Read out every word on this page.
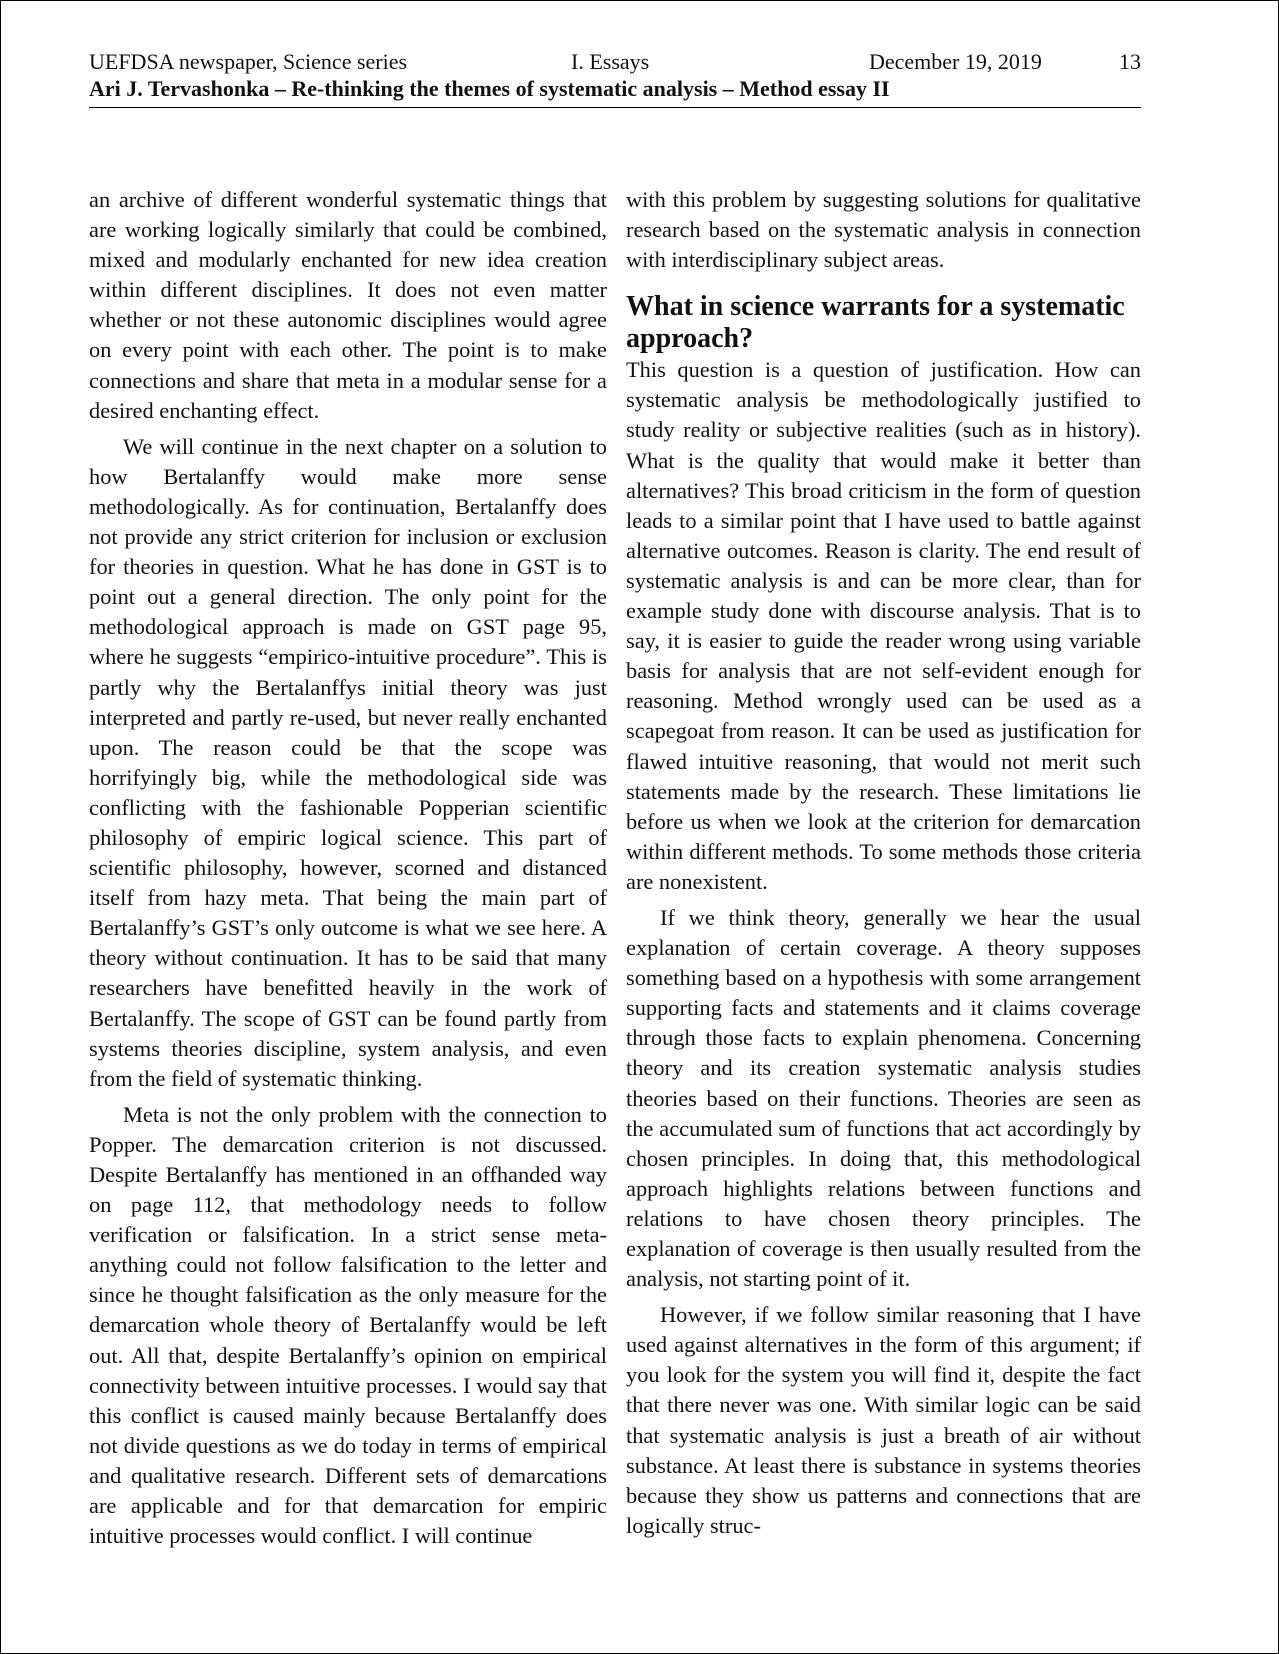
UEFDSA newspaper, Science series	I. Essays	December 19, 2019	13
Ari J. Tervashonka – Re-thinking the themes of systematic analysis – Method essay II

an archive of different wonderful systematic things that are working logically similarly that could be combined, mixed and modularly enchanted for new idea creation within different disciplines. It does not even matter whether or not these autonomic disciplines would agree on every point with each other. The point is to make connections and share that meta in a modular sense for a desired enchanting effect.

We will continue in the next chapter on a solution to how Bertalanffy would make more sense methodologically. As for continuation, Bertalanffy does not provide any strict criterion for inclusion or exclusion for theories in question. What he has done in GST is to point out a general direction. The only point for the methodological approach is made on GST page 95, where he suggests “empirico-intuitive procedure”. This is partly why the Bertalanffys initial theory was just interpreted and partly re-used, but never really enchanted upon. The reason could be that the scope was horrifyingly big, while the methodological side was conflicting with the fashionable Popperian scientific philosophy of empiric logical science. This part of scientific philosophy, however, scorned and distanced itself from hazy meta. That being the main part of Bertalanffy’s GST’s only outcome is what we see here. A theory without continuation. It has to be said that many researchers have benefitted heavily in the work of Bertalanffy. The scope of GST can be found partly from systems theories discipline, system analysis, and even from the field of systematic thinking.

Meta is not the only problem with the connection to Popper. The demarcation criterion is not discussed. Despite Bertalanffy has mentioned in an offhanded way on page 112, that methodology needs to follow verification or falsification. In a strict sense meta- anything could not follow falsification to the letter and since he thought falsification as the only measure for the demarcation whole theory of Bertalanffy would be left out. All that, despite Bertalanffy’s opinion on empirical connectivity between intuitive processes. I would say that this conflict is caused mainly because Bertalanffy does not divide questions as we do today in terms of empirical and qualitative research. Different sets of demarcations are applicable and for that demarcation for empiric intuitive processes would conflict. I will continue

with this problem by suggesting solutions for qualitative research based on the systematic analysis in connection with interdisciplinary subject areas.

What in science warrants for a systematic approach?

This question is a question of justification. How can systematic analysis be methodologically justified to study reality or subjective realities (such as in history). What is the quality that would make it better than alternatives? This broad criticism in the form of question leads to a similar point that I have used to battle against alternative outcomes. Reason is clarity. The end result of systematic analysis is and can be more clear, than for example study done with discourse analysis. That is to say, it is easier to guide the reader wrong using variable basis for analysis that are not self-evident enough for reasoning. Method wrongly used can be used as a scapegoat from reason. It can be used as justification for flawed intuitive reasoning, that would not merit such statements made by the research. These limitations lie before us when we look at the criterion for demarcation within different methods. To some methods those criteria are nonexistent.

If we think theory, generally we hear the usual explanation of certain coverage. A theory supposes something based on a hypothesis with some arrangement supporting facts and statements and it claims coverage through those facts to explain phenomena. Concerning theory and its creation systematic analysis studies theories based on their functions. Theories are seen as the accumulated sum of functions that act accordingly by chosen principles. In doing that, this methodological approach highlights relations between functions and relations to have chosen theory principles. The explanation of coverage is then usually resulted from the analysis, not starting point of it.

However, if we follow similar reasoning that I have used against alternatives in the form of this argument; if you look for the system you will find it, despite the fact that there never was one. With similar logic can be said that systematic analysis is just a breath of air without substance. At least there is substance in systems theories because they show us patterns and connections that are logically struc-
